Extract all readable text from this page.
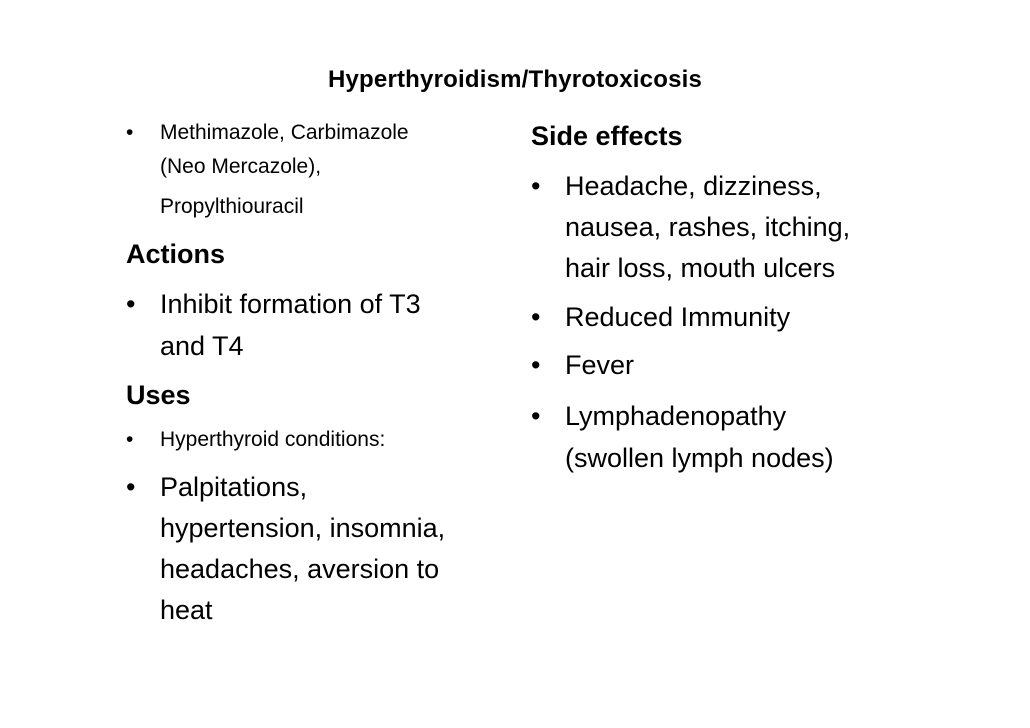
Hyperthyroidism/Thyrotoxicosis
• Methimazole, Carbimazole
(Neo Mercazole),
Propylthiouracil
Actions
• Inhibit formation of T3
and T4
Uses
• Hyperthyroid conditions:
• Palpitations,
hypertension, insomnia,
headaches, aversion to
heat
Side effects
• Headache, dizziness,
nausea, rashes, itching,
hair loss, mouth ulcers
• Reduced Immunity
• Fever
• Lymphadenopathy
(swollen lymph nodes)
